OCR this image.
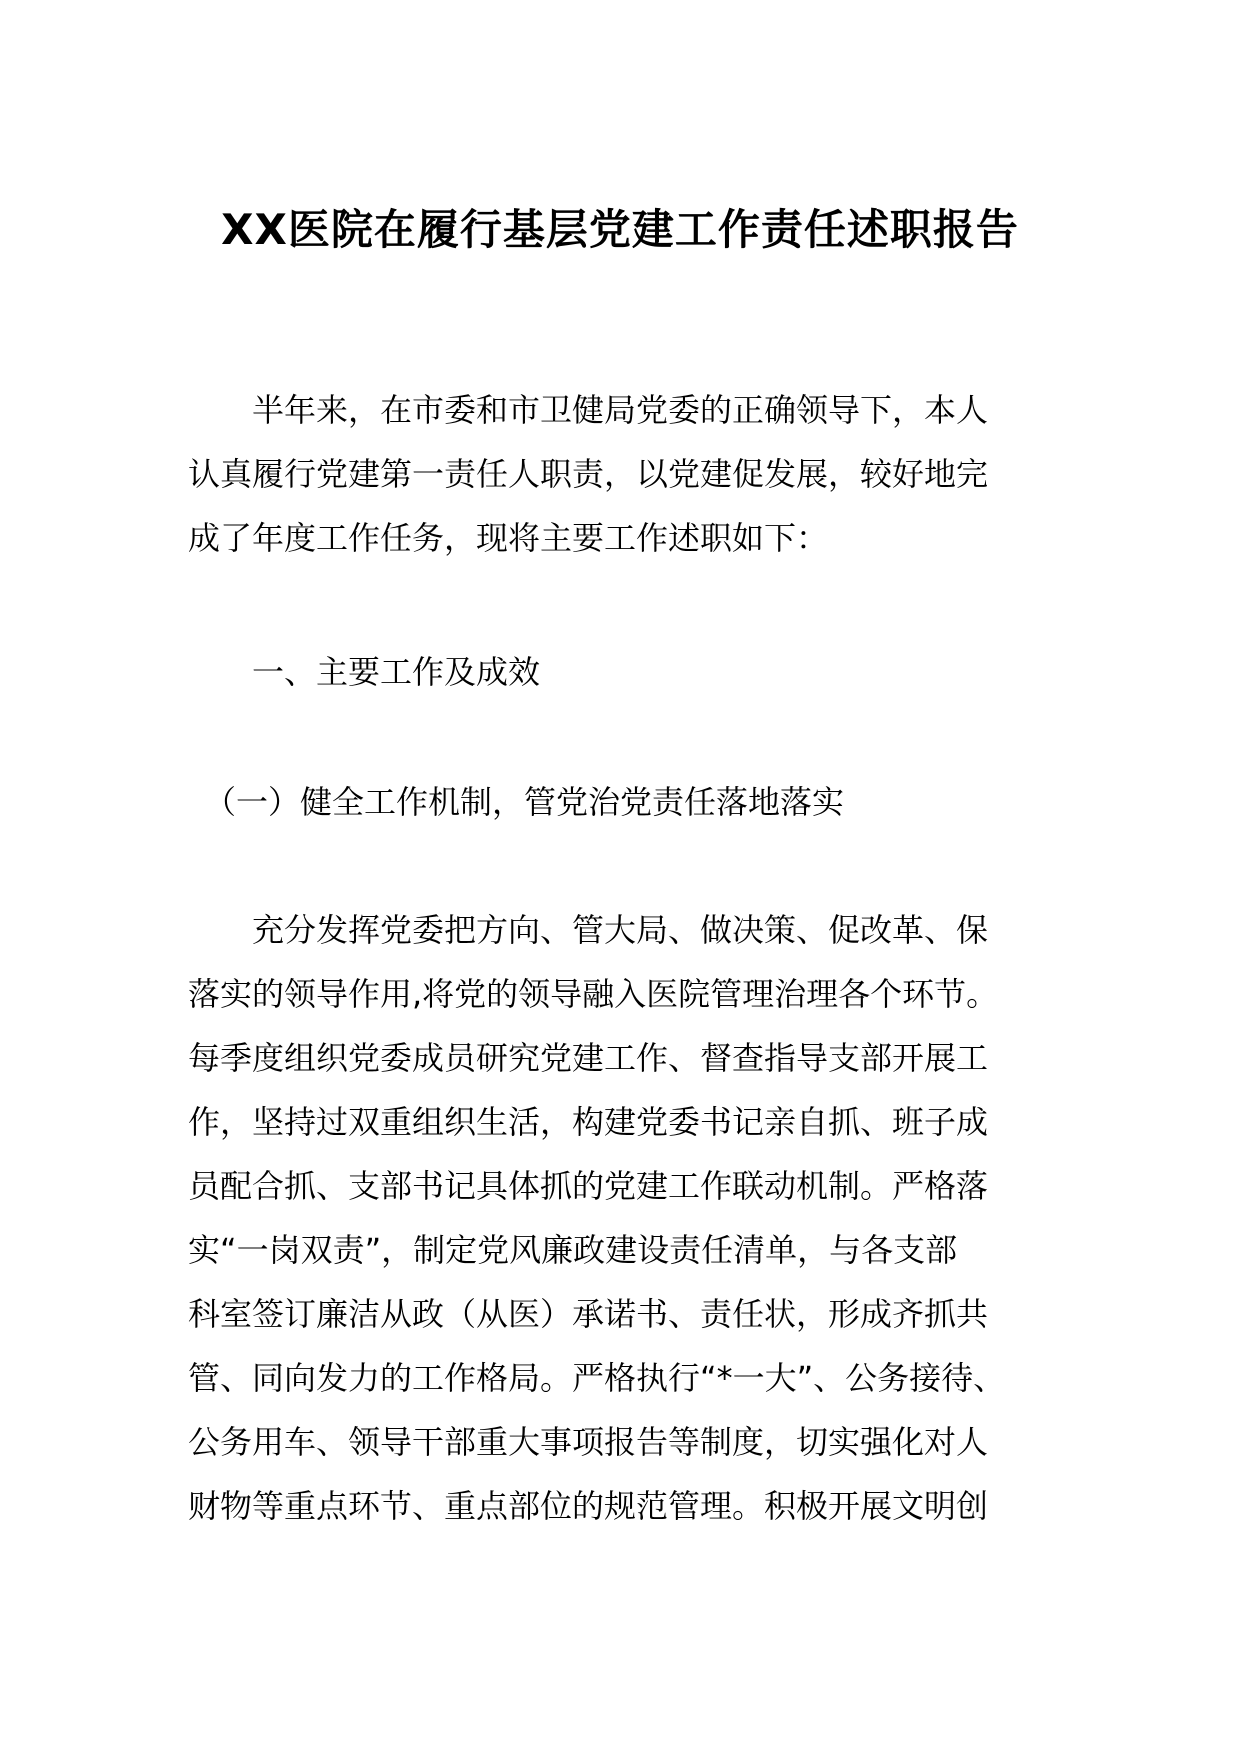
XX医院在履行基层党建工作责任述职报告
　　半年来，在市委和市卫健局党委的正确领导下，本人
认真履行党建第一责任人职责，以党建促发展，较好地完
成了年度工作任务，现将主要工作述职如下：
　　一、主要工作及成效
　（一）健全工作机制，管党治党责任落地落实
　　充分发挥党委把方向、管大局、做决策、促改革、保
落实的领导作用,将党的领导融入医院管理治理各个环节。
每季度组织党委成员研究党建工作、督查指导支部开展工
作，坚持过双重组织生活，构建党委书记亲自抓、班子成
员配合抓、支部书记具体抓的党建工作联动机制。严格落
实“一岗双责”，制定党风廉政建设责任清单，与各支部
科室签订廉洁从政（从医）承诺书、责任状，形成齐抓共
管、同向发力的工作格局。严格执行“*一大”、公务接待、
公务用车、领导干部重大事项报告等制度，切实强化对人
财物等重点环节、重点部位的规范管理。积极开展文明创
